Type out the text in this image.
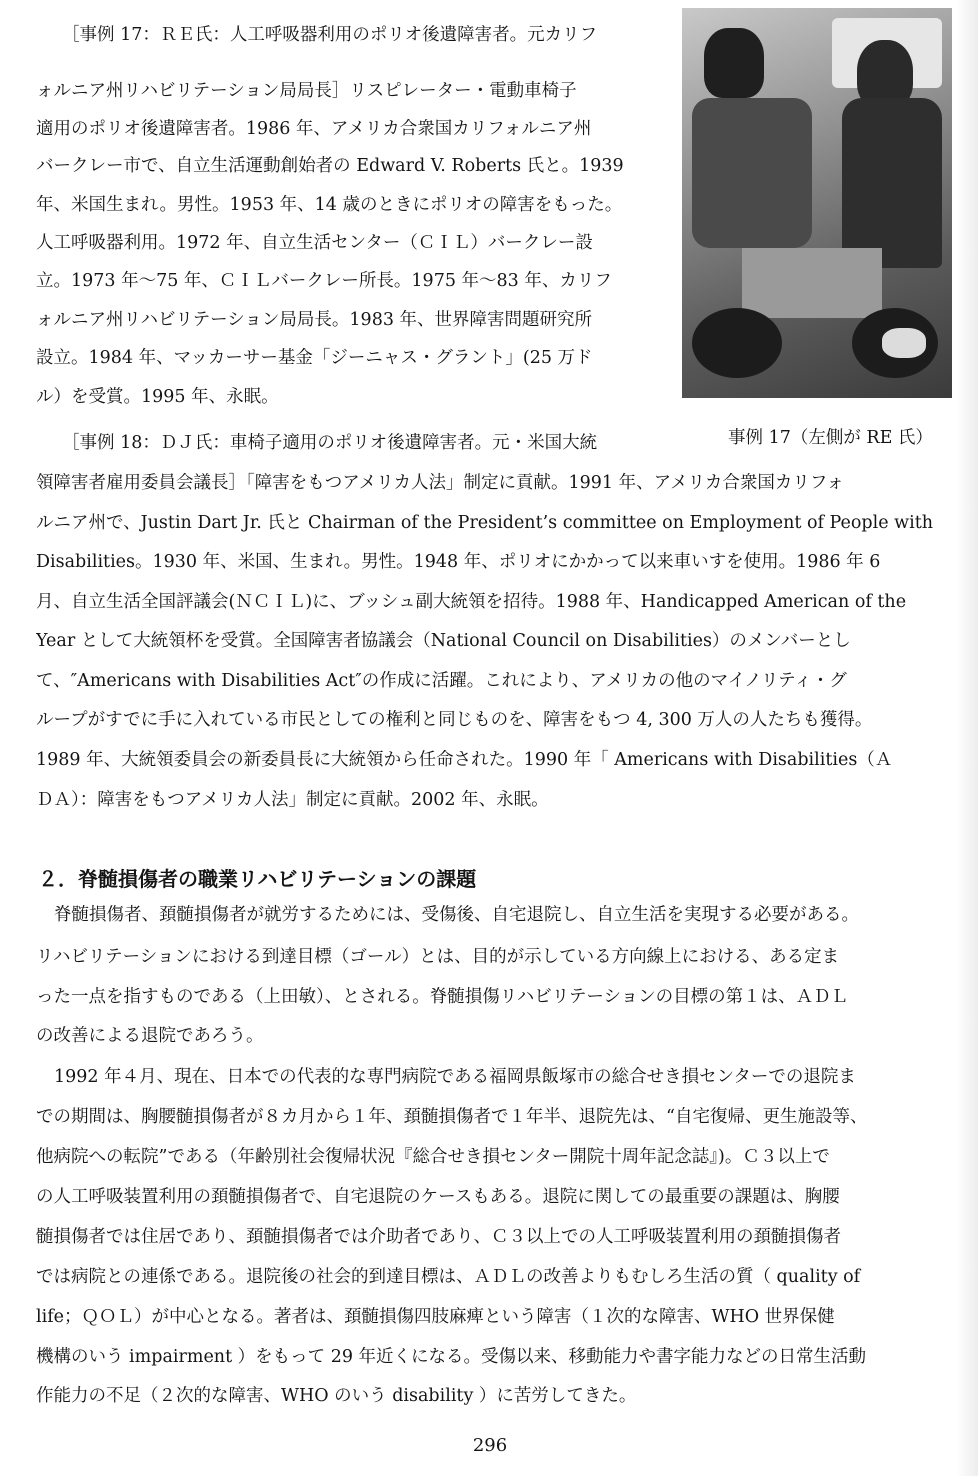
［事例 17：ＲＥ氏：人工呼吸器利用のポリオ後遺障害者。元カリフ

ォルニア州リハビリテーション局局長］リスピレーター・電動車椅子

適用のポリオ後遺障害者。1986 年、アメリカ合衆国カリフォルニア州

バークレー市で、自立生活運動創始者の Edward V. Roberts 氏と。1939

年、米国生まれ。男性。1953 年、14 歳のときにポリオの障害をもった。

人工呼吸器利用。1972 年、自立生活センター（ＣＩＬ）バークレー設

立。1973 年～75 年、ＣＩＬバークレー所長。1975 年～83 年、カリフ

ォルニア州リハビリテーション局局長。1983 年、世界障害問題研究所

設立。1984 年、マッカーサー基金「ジーニャス・グラント」(25 万ド

ル）を受賞。1995 年、永眠。

事例 17（左側が RE 氏）

［事例 18：ＤＪ氏：車椅子適用のポリオ後遺障害者。元・米国大統

領障害者雇用委員会議長］「障害をもつアメリカ人法」制定に貢献。1991 年、アメリカ合衆国カリフォ

ルニア州で、Justin Dart Jr. 氏と Chairman of the President’s committee on Employment of People with

Disabilities。1930 年、米国、生まれ。男性。1948 年、ポリオにかかって以来車いすを使用。1986 年 6

月、自立生活全国評議会(ＮＣＩＬ)に、ブッシュ副大統領を招待。1988 年、Handicapped American of the

Year として大統領杯を受賞。全国障害者協議会（National Council on Disabilities）のメンバーとし

て、″Americans with Disabilities Act″の作成に活躍。これにより、アメリカの他のマイノリティ・グ

ループがすでに手に入れている市民としての権利と同じものを、障害をもつ 4, 300 万人の人たちも獲得。

1989 年、大統領委員会の新委員長に大統領から任命された。1990 年「 Americans with Disabilities（Ａ

ＤＡ）：障害をもつアメリカ人法」制定に貢献。2002 年、永眠。

２．脊髄損傷者の職業リハビリテーションの課題

脊髄損傷者、頚髄損傷者が就労するためには、受傷後、自宅退院し、自立生活を実現する必要がある。

リハビリテーションにおける到達目標（ゴール）とは、目的が示している方向線上における、ある定ま

った一点を指すものである（上田敏）、とされる。脊髄損傷リハビリテーションの目標の第１は、ＡＤＬ

の改善による退院であろう。

1992 年４月、現在、日本での代表的な専門病院である福岡県飯塚市の総合せき損センターでの退院ま

での期間は、胸腰髄損傷者が８カ月から１年、頚髄損傷者で１年半、退院先は、“自宅復帰、更生施設等、

他病院への転院”である（年齢別社会復帰状況『総合せき損センター開院十周年記念誌』)。Ｃ３以上で

の人工呼吸装置利用の頚髄損傷者で、自宅退院のケースもある。退院に関しての最重要の課題は、胸腰

髄損傷者では住居であり、頚髄損傷者では介助者であり、Ｃ３以上での人工呼吸装置利用の頚髄損傷者

では病院との連係である。退院後の社会的到達目標は、ＡＤＬの改善よりもむしろ生活の質（ quality of

life；ＱＯＬ）が中心となる。著者は、頚髄損傷四肢麻痺という障害（１次的な障害、WHO 世界保健

機構のいう impairment ）をもって 29 年近くになる。受傷以来、移動能力や書字能力などの日常生活動

作能力の不足（２次的な障害、WHO のいう disability ）に苦労してきた。

296
